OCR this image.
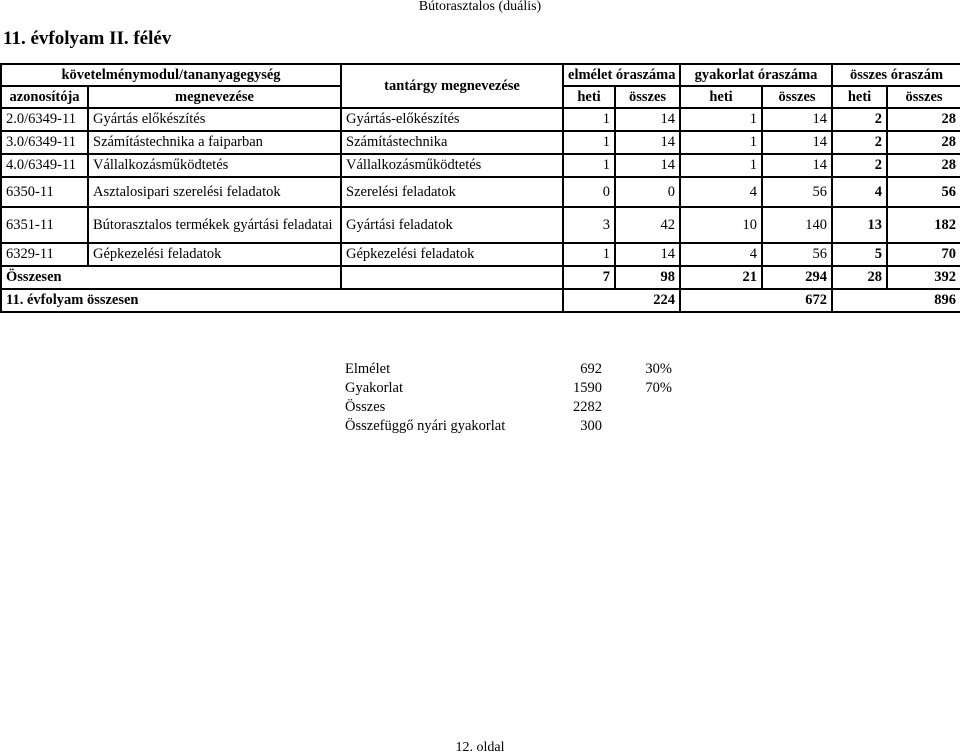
Bútorasztalos (duális)
11. évfolyam II. félév
követelménymodul/tananyagegység		tantárgy megnevezése	elmélet óraszáma		gyakorlat óraszáma		összes óraszám	
azonosítója	megnevezése		heti	összes	heti	összes	heti	összes
2.0/6349-11	Gyártás előkészítés	Gyártás-előkészítés	1	14	1	14	2	28
3.0/6349-11	Számítástechnika a faiparban	Számítástechnika	1	14	1	14	2	28
4.0/6349-11	Vállalkozásműködtetés	Vállalkozásműködtetés	1	14	1	14	2	28
6350-11	Asztalosipari szerelési feladatok	Szerelési feladatok	0	0	4	56	4	56
6351-11	Bútorasztalos termékek gyártási feladatai	Gyártási feladatok	3	42	10	140	13	182
6329-11	Gépkezelési feladatok	Gépkezelési feladatok	1	14	4	56	5	70
Összesen			7	98	21	294	28	392
11. évfolyam összesen			224		672		896	
Elmélet	692	30%
Gyakorlat	1590	70%
Összes	2282	
Összefüggő nyári gyakorlat	300	
12. oldal
